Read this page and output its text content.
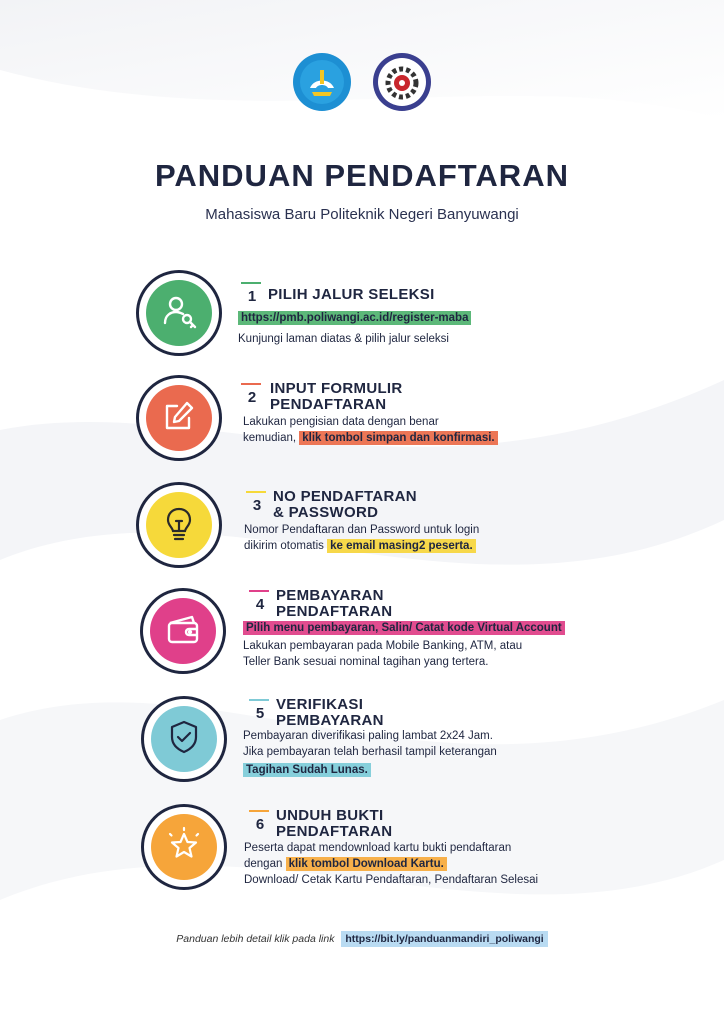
PANDUAN PENDAFTARAN
Mahasiswa Baru Politeknik Negeri Banyuwangi
1 PILIH JALUR SELEKSI
https://pmb.poliwangi.ac.id/register-maba
Kunjungi laman diatas & pilih jalur seleksi
2
INPUT FORMULIR
PENDAFTARAN
Lakukan pengisian data dengan benar
kemudian, klik tombol simpan dan konfirmasi.
3
NO PENDAFTARAN
& PASSWORD
Nomor Pendaftaran dan Password untuk login
dikirim otomatis ke email masing2 peserta.
4
PEMBAYARAN
PENDAFTARAN
Pilih menu pembayaran, Salin/ Catat kode Virtual Account
Lakukan pembayaran pada Mobile Banking, ATM, atau
Teller Bank sesuai nominal tagihan yang tertera.
5
VERIFIKASI
PEMBAYARAN
Pembayaran diverifikasi paling lambat 2x24 Jam.
Jika pembayaran telah berhasil tampil keterangan
Tagihan Sudah Lunas.
6
UNDUH BUKTI
PENDAFTARAN
Peserta dapat mendownload kartu bukti pendaftaran
dengan klik tombol Download Kartu.
Download/ Cetak Kartu Pendaftaran, Pendaftaran Selesai
Panduan lebih detail klik pada link https://bit.ly/panduanmandiri_poliwangi
